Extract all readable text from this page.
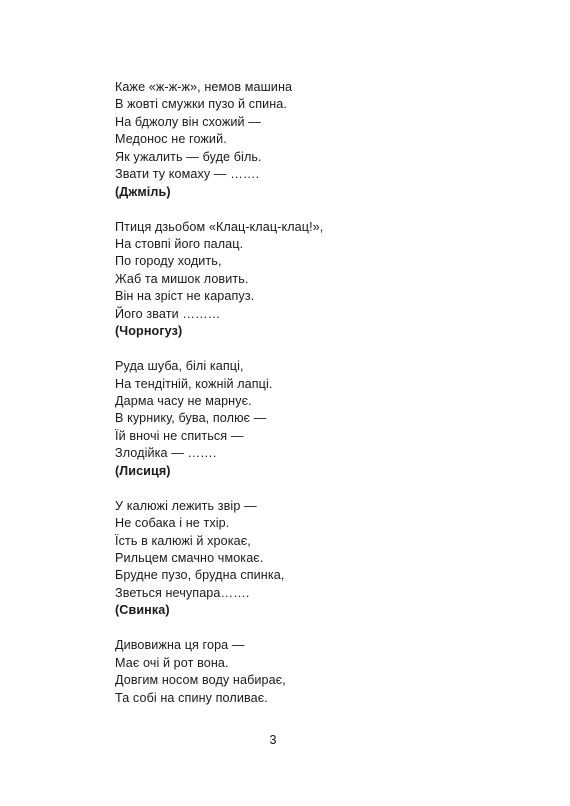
Каже «ж-ж-ж», немов машина
В жовті смужки пузо й спина.
На бджолу він схожий —
Медонос не гожий.
Як ужалить — буде біль.
Звати ту комаху — …….
(Джміль)
Птиця дзьобом «Клац-клац-клац!»,
На стовпі його палац.
По городу ходить,
Жаб та мишок ловить.
Він на зріст не карапуз.
Його звати ………
(Чорногуз)
Руда шуба, білі капці,
На тендітній, кожній лапці.
Дарма часу не марнує.
В курнику, бува, полює —
Їй вночі не спиться —
Злодійка — …….
(Лисиця)
У калюжі лежить звір —
Не собака і не тхір.
Їсть в калюжі й хрокає,
Рильцем смачно чмокає.
Брудне пузо, брудна спинка,
Зветься нечупара…….
(Свинка)
Дивовижна ця гора —
Має очі й рот вона.
Довгим носом воду набирає,
Та собі на спину поливає.
3
